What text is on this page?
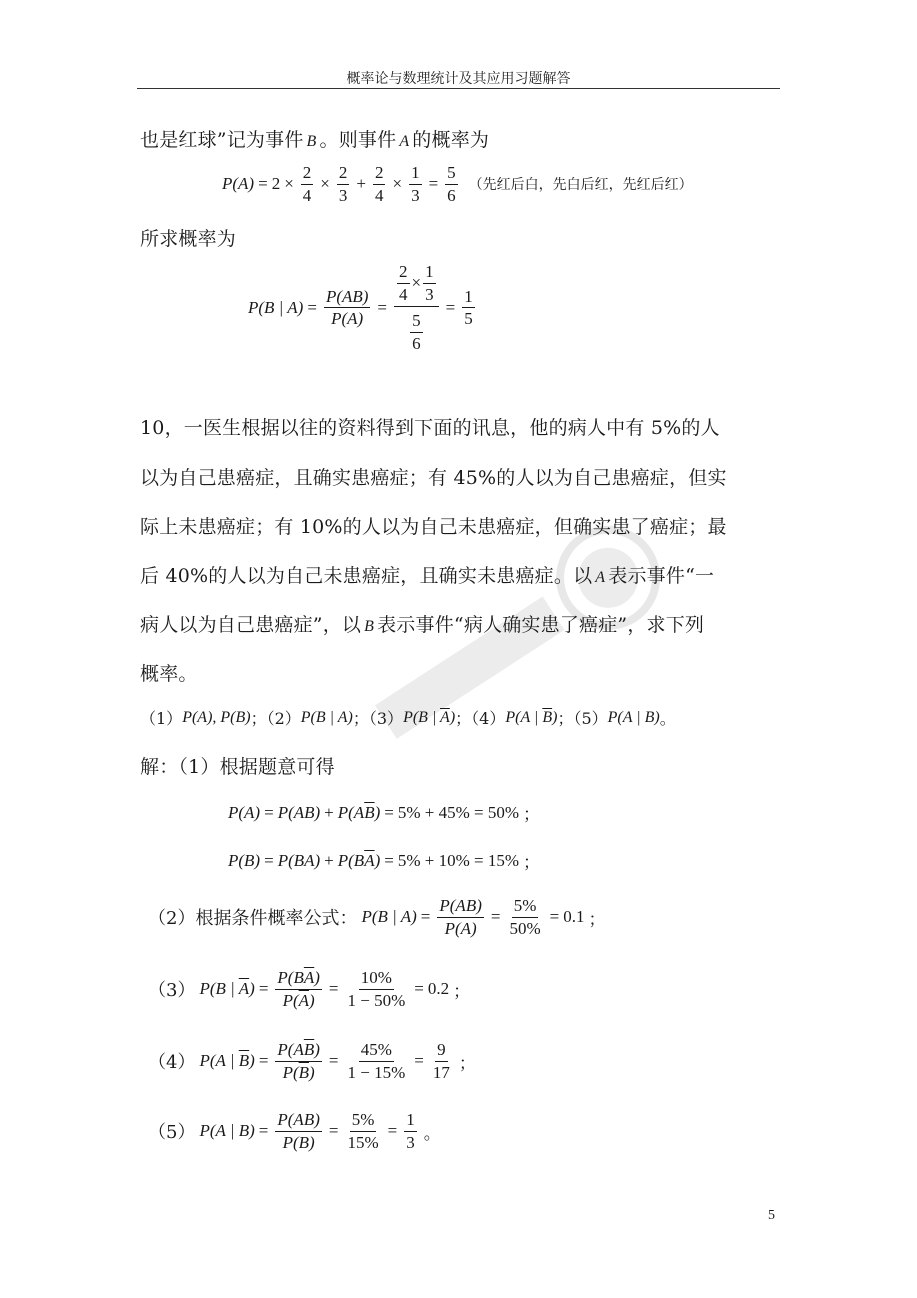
概率论与数理统计及其应用习题解答
也是红球”记为事件 B 。则事件 A 的概率为
$P(A) = 2 \times \frac{2}{4} \times \frac{2}{3} + \frac{2}{4} \times \frac{1}{3} = \frac{5}{6}$ （先红后白，先白后红，先红后红）
所求概率为
P(B | $A) = \frac{P(AB)}{P(A)} = \frac{\frac{2}{4} \times \frac{1}{3}}{\frac{5}{6}} = \frac{1}{5}$
10，一医生根据以往的资料得到下面的讯息，他的病人中有 5%的人
以为自己患癌症，且确实患癌症；有 45%的人以为自己患癌症，但实
际上未患癌症；有 10%的人以为自己未患癌症，但确实患了癌症；最
后 40%的人以为自己未患癌症，且确实未患癌症。以 A 表示事件“一
病人以为自己患癌症”，以 B 表示事件“病人确实患了癌症”，求下列
概率。
（1） P(A), P(B) ；（2） P(B | A) ；（3） P(B | $\overline{A}$) ；（4） P(A | $\overline{B}$) ；（5） P(A | B) 。
解：（1）根据题意可得
$P(A) = P(AB) + P(A\overline{B}) = 5\% + 45\% = 50\%$ ；
$P(B) = P(BA) + P(B\overline{A}) = 5\% + 10\% = 15\%$ ；
（2）根据条件概率公式： P(B | $A) = \frac{P(AB)}{P(A)} = \frac{5\%}{50\%} = 0.1$ ；
（3） P(B | $\overline{A}) = \frac{P(B\overline{A})}{P(\overline{A})} = \frac{10\%}{1 - 50\%} = 0.2$ ；
（4） P(A | $\overline{B}) = \frac{P(A\overline{B})}{P(\overline{B})} = \frac{45\%}{1 - 15\%} = \frac{9}{17}$ ；
（5） P(A | $B) = \frac{P(AB)}{P(B)} = \frac{5\%}{15\%} = \frac{1}{3}$ 。
5
